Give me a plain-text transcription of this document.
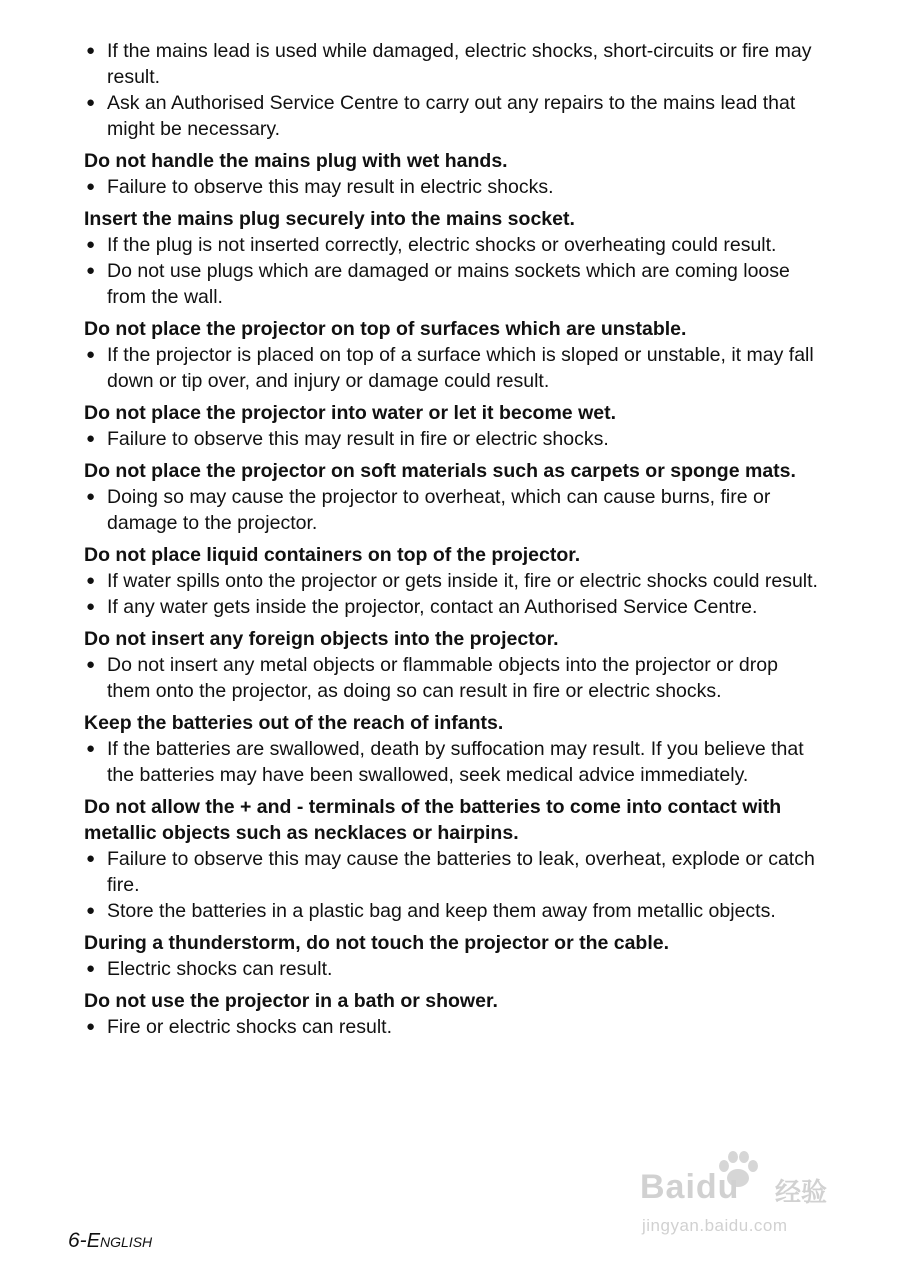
● If the mains lead is used while damaged, electric shocks, short-circuits or fire may result.
● Ask an Authorised Service Centre to carry out any repairs to the mains lead that might be necessary.
Do not handle the mains plug with wet hands.
● Failure to observe this may result in electric shocks.
Insert the mains plug securely into the mains socket.
● If the plug is not inserted correctly, electric shocks or overheating could result.
● Do not use plugs which are damaged or mains sockets which are coming loose from the wall.
Do not place the projector on top of surfaces which are unstable.
● If the projector is placed on top of a surface which is sloped or unstable, it may fall down or tip over, and injury or damage could result.
Do not place the projector into water or let it become wet.
● Failure to observe this may result in fire or electric shocks.
Do not place the projector on soft materials such as carpets or sponge mats.
● Doing so may cause the projector to overheat, which can cause burns, fire or damage to the projector.
Do not place liquid containers on top of the projector.
● If water spills onto the projector or gets inside it, fire or electric shocks could result.
● If any water gets inside the projector, contact an Authorised Service Centre.
Do not insert any foreign objects into the projector.
● Do not insert any metal objects or flammable objects into the projector or drop them onto the projector, as doing so can result in fire or electric shocks.
Keep the batteries out of the reach of infants.
● If the batteries are swallowed, death by suffocation may result. If you believe that the batteries may have been swallowed, seek medical advice immediately.
Do not allow the + and - terminals of the batteries to come into contact with metallic objects such as necklaces or hairpins.
● Failure to observe this may cause the batteries to leak, overheat, explode or catch fire.
● Store the batteries in a plastic bag and keep them away from metallic objects.
During a thunderstorm, do not touch the projector or the cable.
● Electric shocks can result.
Do not use the projector in a bath or shower.
● Fire or electric shocks can result.
6-English
Baidu 经验
jingyan.baidu.com
